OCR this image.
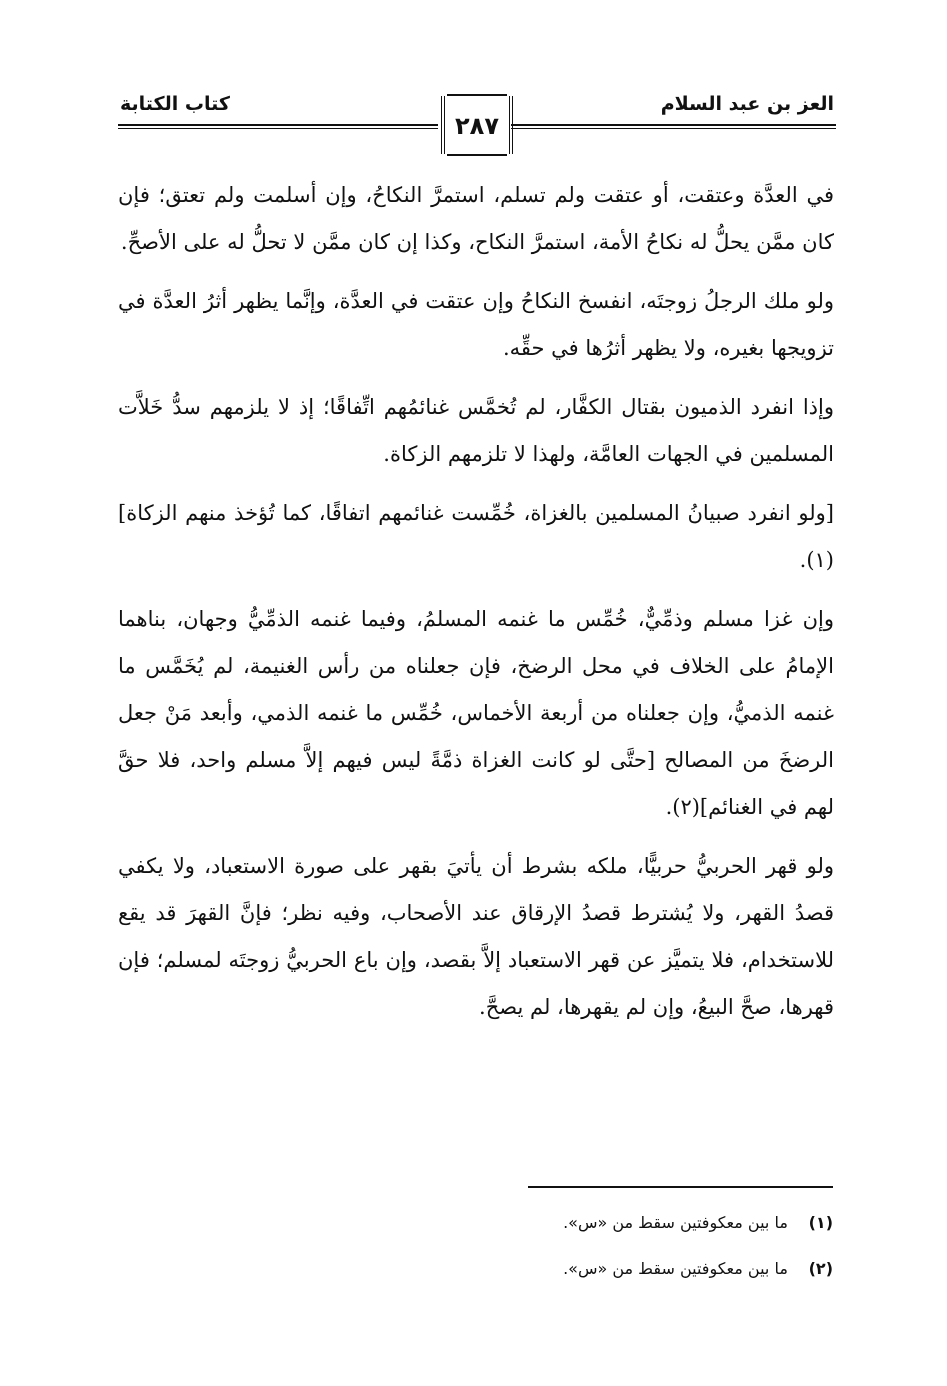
العز بن عبد السلام
كتاب الكتابة
٢٨٧

في العدَّة وعتقت، أو عتقت ولم تسلم، استمرَّ النكاحُ، وإن أسلمت ولم تعتق؛ فإن كان ممَّن يحلُّ له نكاحُ الأمة، استمرَّ النكاح، وكذا إن كان ممَّن لا تحلُّ له على الأصحِّ.

ولو ملك الرجلُ زوجتَه، انفسخ النكاحُ وإن عتقت في العدَّة، وإنَّما يظهر أثرُ العدَّة في تزويجها بغيره، ولا يظهر أثرُها في حقِّه.

وإذا انفرد الذميون بقتال الكفَّار، لم تُخمَّس غنائمُهم اتِّفاقًا؛ إذ لا يلزمهم سدُّ خَلاَّت المسلمين في الجهات العامَّة، ولهذا لا تلزمهم الزكاة.

[ولو انفرد صبيانُ المسلمين بالغزاة، خُمِّست غنائمهم اتفاقًا، كما تُؤخذ منهم الزكاة](١).

وإن غزا مسلم وذمِّيٌّ، خُمِّس ما غنمه المسلمُ، وفيما غنمه الذمِّيُّ وجهان، بناهما الإمامُ على الخلاف في محل الرضخ، فإن جعلناه من رأس الغنيمة، لم يُخَمَّس ما غنمه الذميُّ، وإن جعلناه من أربعة الأخماس، خُمِّس ما غنمه الذمي، وأبعد مَنْ جعل الرضخَ من المصالح [حتَّى لو كانت الغزاة ذمَّةً ليس فيهم إلاَّ مسلم واحد، فلا حقَّ لهم في الغنائم](٢).

ولو قهر الحربيُّ حربيًّا، ملكه بشرط أن يأتيَ بقهر على صورة الاستعباد، ولا يكفي قصدُ القهر، ولا يُشترط قصدُ الإرقاق عند الأصحاب، وفيه نظر؛ فإنَّ القهرَ قد يقع للاستخدام، فلا يتميَّز عن قهر الاستعباد إلاَّ بقصد، وإن باع الحربيُّ زوجتَه لمسلم؛ فإن قهرها، صحَّ البيعُ، وإن لم يقهرها، لم يصحَّ.

(١) ما بين معكوفتين سقط من «س».
(٢) ما بين معكوفتين سقط من «س».
